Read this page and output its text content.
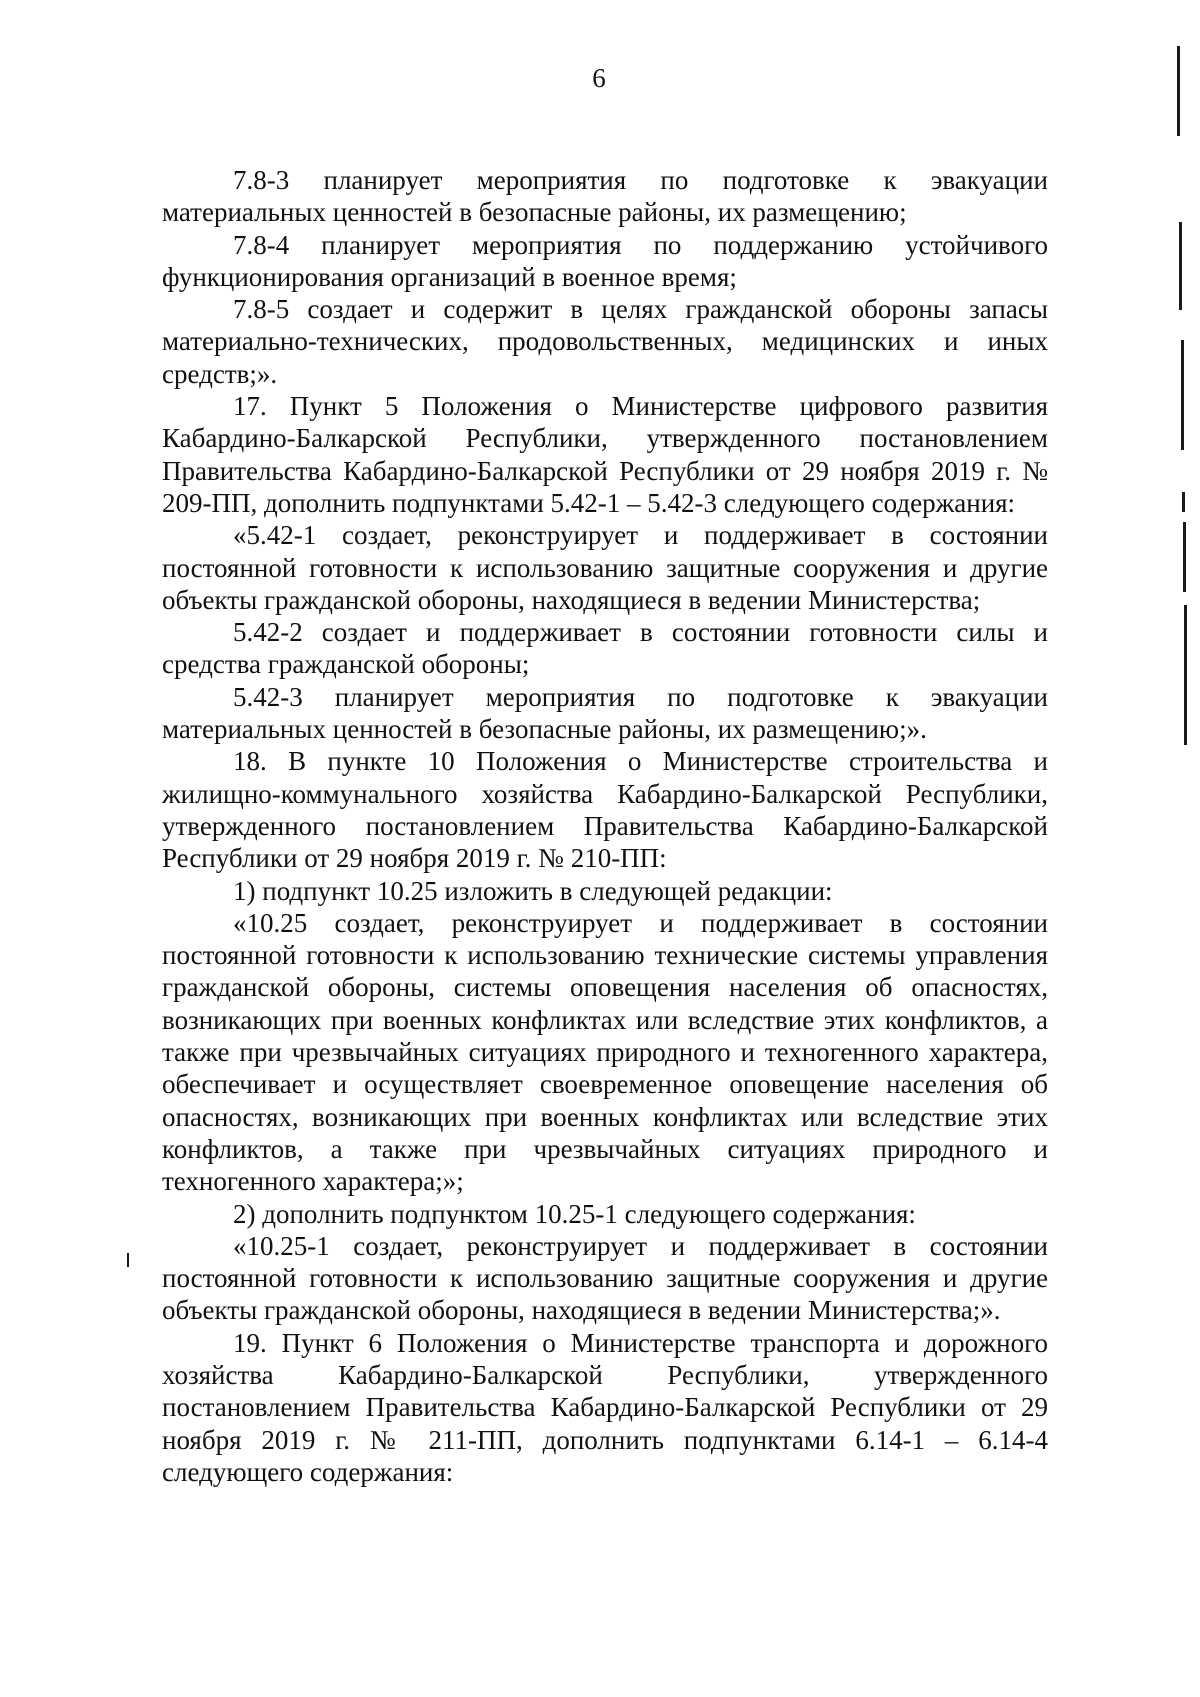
6

7.8-3 планирует мероприятия по подготовке к эвакуации материальных ценностей в безопасные районы, их размещению;

7.8-4 планирует мероприятия по поддержанию устойчивого функционирования организаций в военное время;

7.8-5 создает и содержит в целях гражданской обороны запасы материально-технических, продовольственных, медицинских и иных средств;».

17. Пункт 5 Положения о Министерстве цифрового развития Кабардино-Балкарской Республики, утвержденного постановлением Правительства Кабардино-Балкарской Республики от 29 ноября 2019 г. № 209-ПП, дополнить подпунктами 5.42-1 – 5.42-3 следующего содержания:

«5.42-1 создает, реконструирует и поддерживает в состоянии постоянной готовности к использованию защитные сооружения и другие объекты гражданской обороны, находящиеся в ведении Министерства;

5.42-2 создает и поддерживает в состоянии готовности силы и средства гражданской обороны;

5.42-3 планирует мероприятия по подготовке к эвакуации материальных ценностей в безопасные районы, их размещению;».

18. В пункте 10 Положения о Министерстве строительства и жилищно-коммунального хозяйства Кабардино-Балкарской Республики, утвержденного постановлением Правительства Кабардино-Балкарской Республики от 29 ноября 2019 г. № 210-ПП:

1) подпункт 10.25 изложить в следующей редакции:

«10.25 создает, реконструирует и поддерживает в состоянии постоянной готовности к использованию технические системы управления гражданской обороны, системы оповещения населения об опасностях, возникающих при военных конфликтах или вследствие этих конфликтов, а также при чрезвычайных ситуациях природного и техногенного характера, обеспечивает и осуществляет своевременное оповещение населения об опасностях, возникающих при военных конфликтах или вследствие этих конфликтов, а также при чрезвычайных ситуациях природного и техногенного характера;»;

2) дополнить подпунктом 10.25-1 следующего содержания:

«10.25-1 создает, реконструирует и поддерживает в состоянии постоянной готовности к использованию защитные сооружения и другие объекты гражданской обороны, находящиеся в ведении Министерства;».

19. Пункт 6 Положения о Министерстве транспорта и дорожного хозяйства Кабардино-Балкарской Республики, утвержденного постановлением Правительства Кабардино-Балкарской Республики от 29 ноября 2019 г. № 211-ПП, дополнить подпунктами 6.14-1 – 6.14-4 следующего содержания:
